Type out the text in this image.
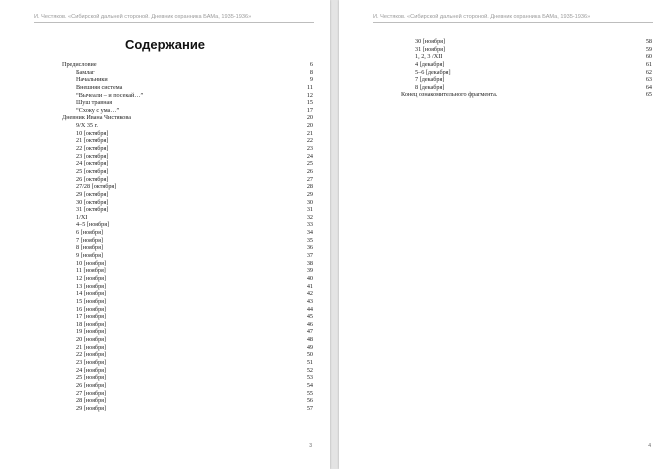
И. Честяков. «Сибирской дальней стороной. Дневник охранника БАМа, 1935-1936»
Содержание
Предисловие	6
Бамлаг	8
Начальники	9
Внешняя система	11
“Вычеали – и посекай…”	12
Шуш травная	15
“Схоку с ума…”	17
Дневник Ивана Чистякова	20
9/X 35 г.	20
10 [октября]	21
21 [октября]	22
22 [октября]	23
23 [октября]	24
24 [октября]	25
25 [октября]	26
26 [октября]	27
27/28 [октября]	28
29 [октября]	29
30 [октября]	30
31 [октября]	31
1/XI	32
4–5 [ноября]	33
6 [ноября]	34
7 [ноября]	35
8 [ноября]	36
9 [ноября]	37
10 [ноября]	38
11 [ноября]	39
12 [ноября]	40
13 [ноября]	41
14 [ноября]	42
15 [ноября]	43
16 [ноября]	44
17 [ноября]	45
18 [ноября]	46
19 [ноября]	47
20 [ноября]	48
21 [ноября]	49
22 [ноября]	50
23 [ноября]	51
24 [ноября]	52
25 [ноября]	53
26 [ноября]	54
27 [ноября]	55
28 [ноября]	56
29 [ноября]	57
3
И. Честяков. «Сибирской дальней стороной. Дневник охранника БАМа, 1935-1936»
30 [ноября]	58
31 [ноября]	59
1, 2, 3 /XII	60
4 [декабря]	61
5–6 [декабря]	62
7 [декабря]	63
8 [декабря]	64
Конец ознакомительного фрагмента.	65
4
